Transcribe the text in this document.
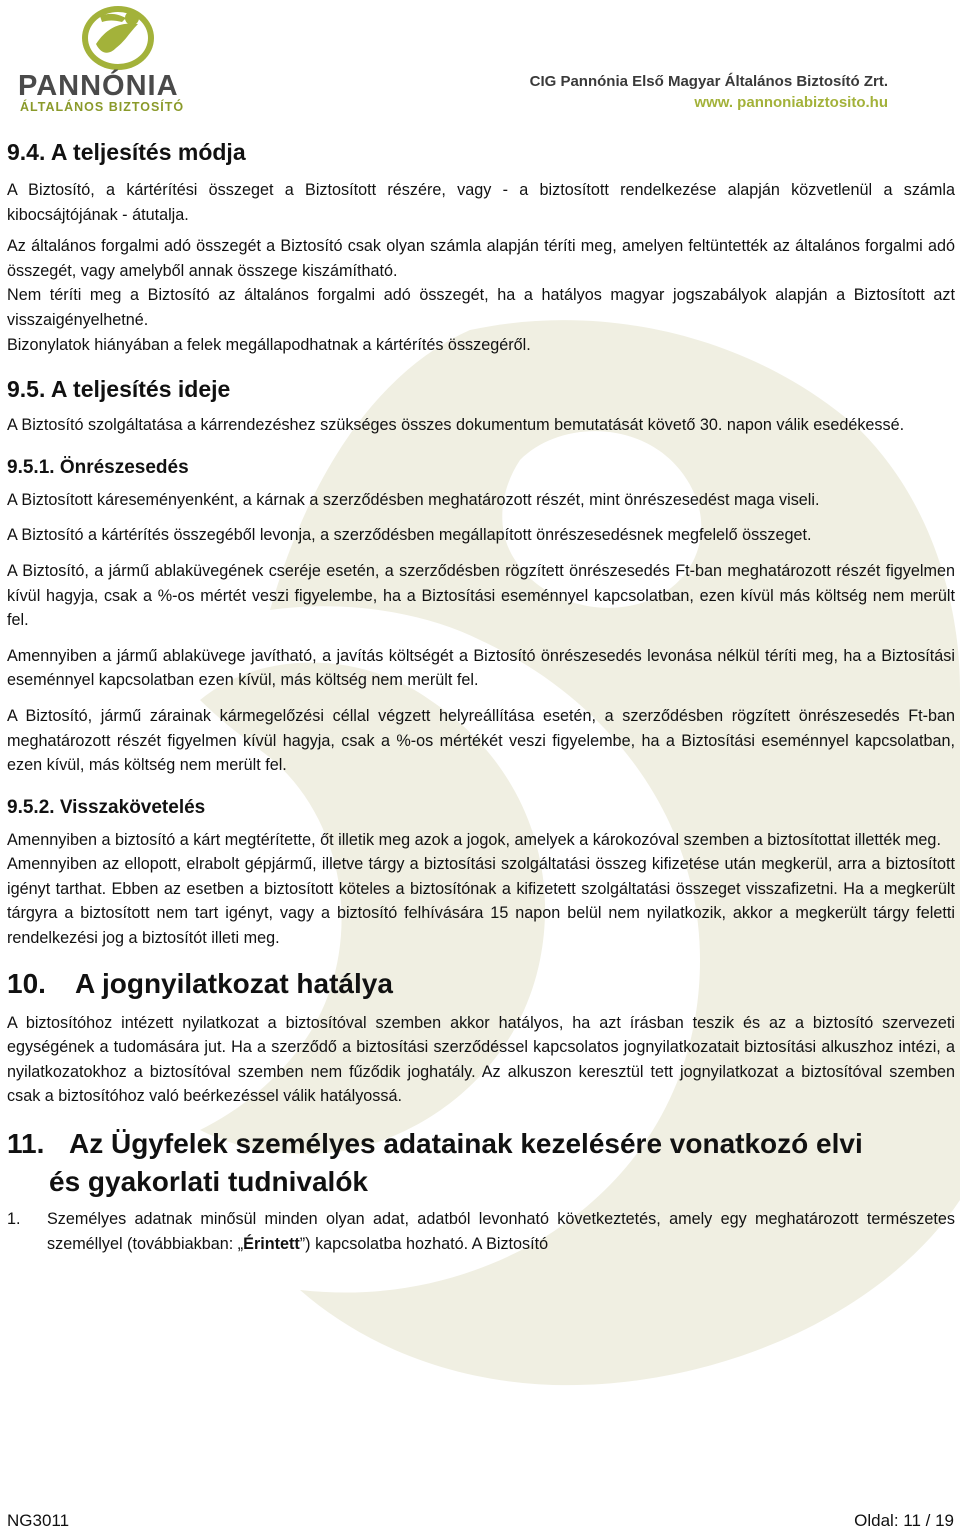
PANNÓNIA
ÁLTALÁNOS BIZTOSÍTÓ
CIG Pannónia Első Magyar Általános Biztosító Zrt.
www. pannoniabiztosito.hu
9.4. A teljesítés módja

A Biztosító, a kártérítési összeget a Biztosított részére, vagy - a biztosított rendelkezése alapján közvetlenül a számla kibocsájtójának - átutalja.

Az általános forgalmi adó összegét a Biztosító csak olyan számla alapján téríti meg, amelyen feltüntették az általános forgalmi adó összegét, vagy amelyből annak összege kiszámítható.

Nem téríti meg a Biztosító az általános forgalmi adó összegét, ha a hatályos magyar jogszabályok alapján a Biztosított azt visszaigényelhetné.

Bizonylatok hiányában a felek megállapodhatnak a kártérítés összegéről.

9.5. A teljesítés ideje

A Biztosító szolgáltatása a kárrendezéshez szükséges összes dokumentum bemutatását követő 30. napon válik esedékessé.

9.5.1. Önrészesedés

A Biztosított káreseményenként, a kárnak a szerződésben meghatározott részét, mint önrészesedést maga viseli.

A Biztosító a kártérítés összegéből levonja, a szerződésben megállapított önrészesedésnek megfelelő összeget.

A Biztosító, a jármű ablaküvegének cseréje esetén, a szerződésben rögzített önrészesedés Ft-ban meghatározott részét figyelmen kívül hagyja, csak a %-os mértét veszi figyelembe, ha a Biztosítási eseménnyel kapcsolatban, ezen kívül más költség nem merült fel.

Amennyiben a jármű ablaküvege javítható, a javítás költségét a Biztosító önrészesedés levonása nélkül téríti meg, ha a Biztosítási eseménnyel kapcsolatban ezen kívül, más költség nem merült fel.

A Biztosító, jármű zárainak kármegelőzési céllal végzett helyreállítása esetén, a szerződésben rögzített önrészesedés Ft-ban meghatározott részét figyelmen kívül hagyja, csak a %-os mértékét veszi figyelembe, ha a Biztosítási eseménnyel kapcsolatban, ezen kívül, más költség nem merült fel.

9.5.2. Visszakövetelés

Amennyiben a biztosító a kárt megtérítette, őt illetik meg azok a jogok, amelyek a károkozóval szemben a biztosítottat illették meg.

Amennyiben az ellopott, elrabolt gépjármű, illetve tárgy a biztosítási szolgáltatási összeg kifizetése után megkerül, arra a biztosított igényt tarthat. Ebben az esetben a biztosított köteles a biztosítónak a kifizetett szolgáltatási összeget visszafizetni. Ha a megkerült tárgyra a biztosított nem tart igényt, vagy a biztosító felhívására 15 napon belül nem nyilatkozik, akkor a megkerült tárgy feletti rendelkezési jog a biztosítót illeti meg.

10. A jognyilatkozat hatálya

A biztosítóhoz intézett nyilatkozat a biztosítóval szemben akkor hatályos, ha azt írásban teszik és az a biztosító szervezeti egységének a tudomására jut. Ha a szerződő a biztosítási szerződéssel kapcsolatos jognyilatkozatait biztosítási alkuszhoz intézi, a nyilatkozatokhoz a biztosítóval szemben nem fűződik joghatály. Az alkuszon keresztül tett jognyilatkozat a biztosítóval szemben csak a biztosítóhoz való beérkezéssel válik hatályossá.

11. Az Ügyfelek személyes adatainak kezelésére vonatkozó elvi
és gyakorlati tudnivalók
1.	Személyes adatnak minősül minden olyan adat, adatból levonható következtetés, amely egy meghatározott természetes személlyel (továbbiakban: „Érintett”) kapcsolatba hozható. A Biztosító
NG3011	Oldal: 11 / 19
